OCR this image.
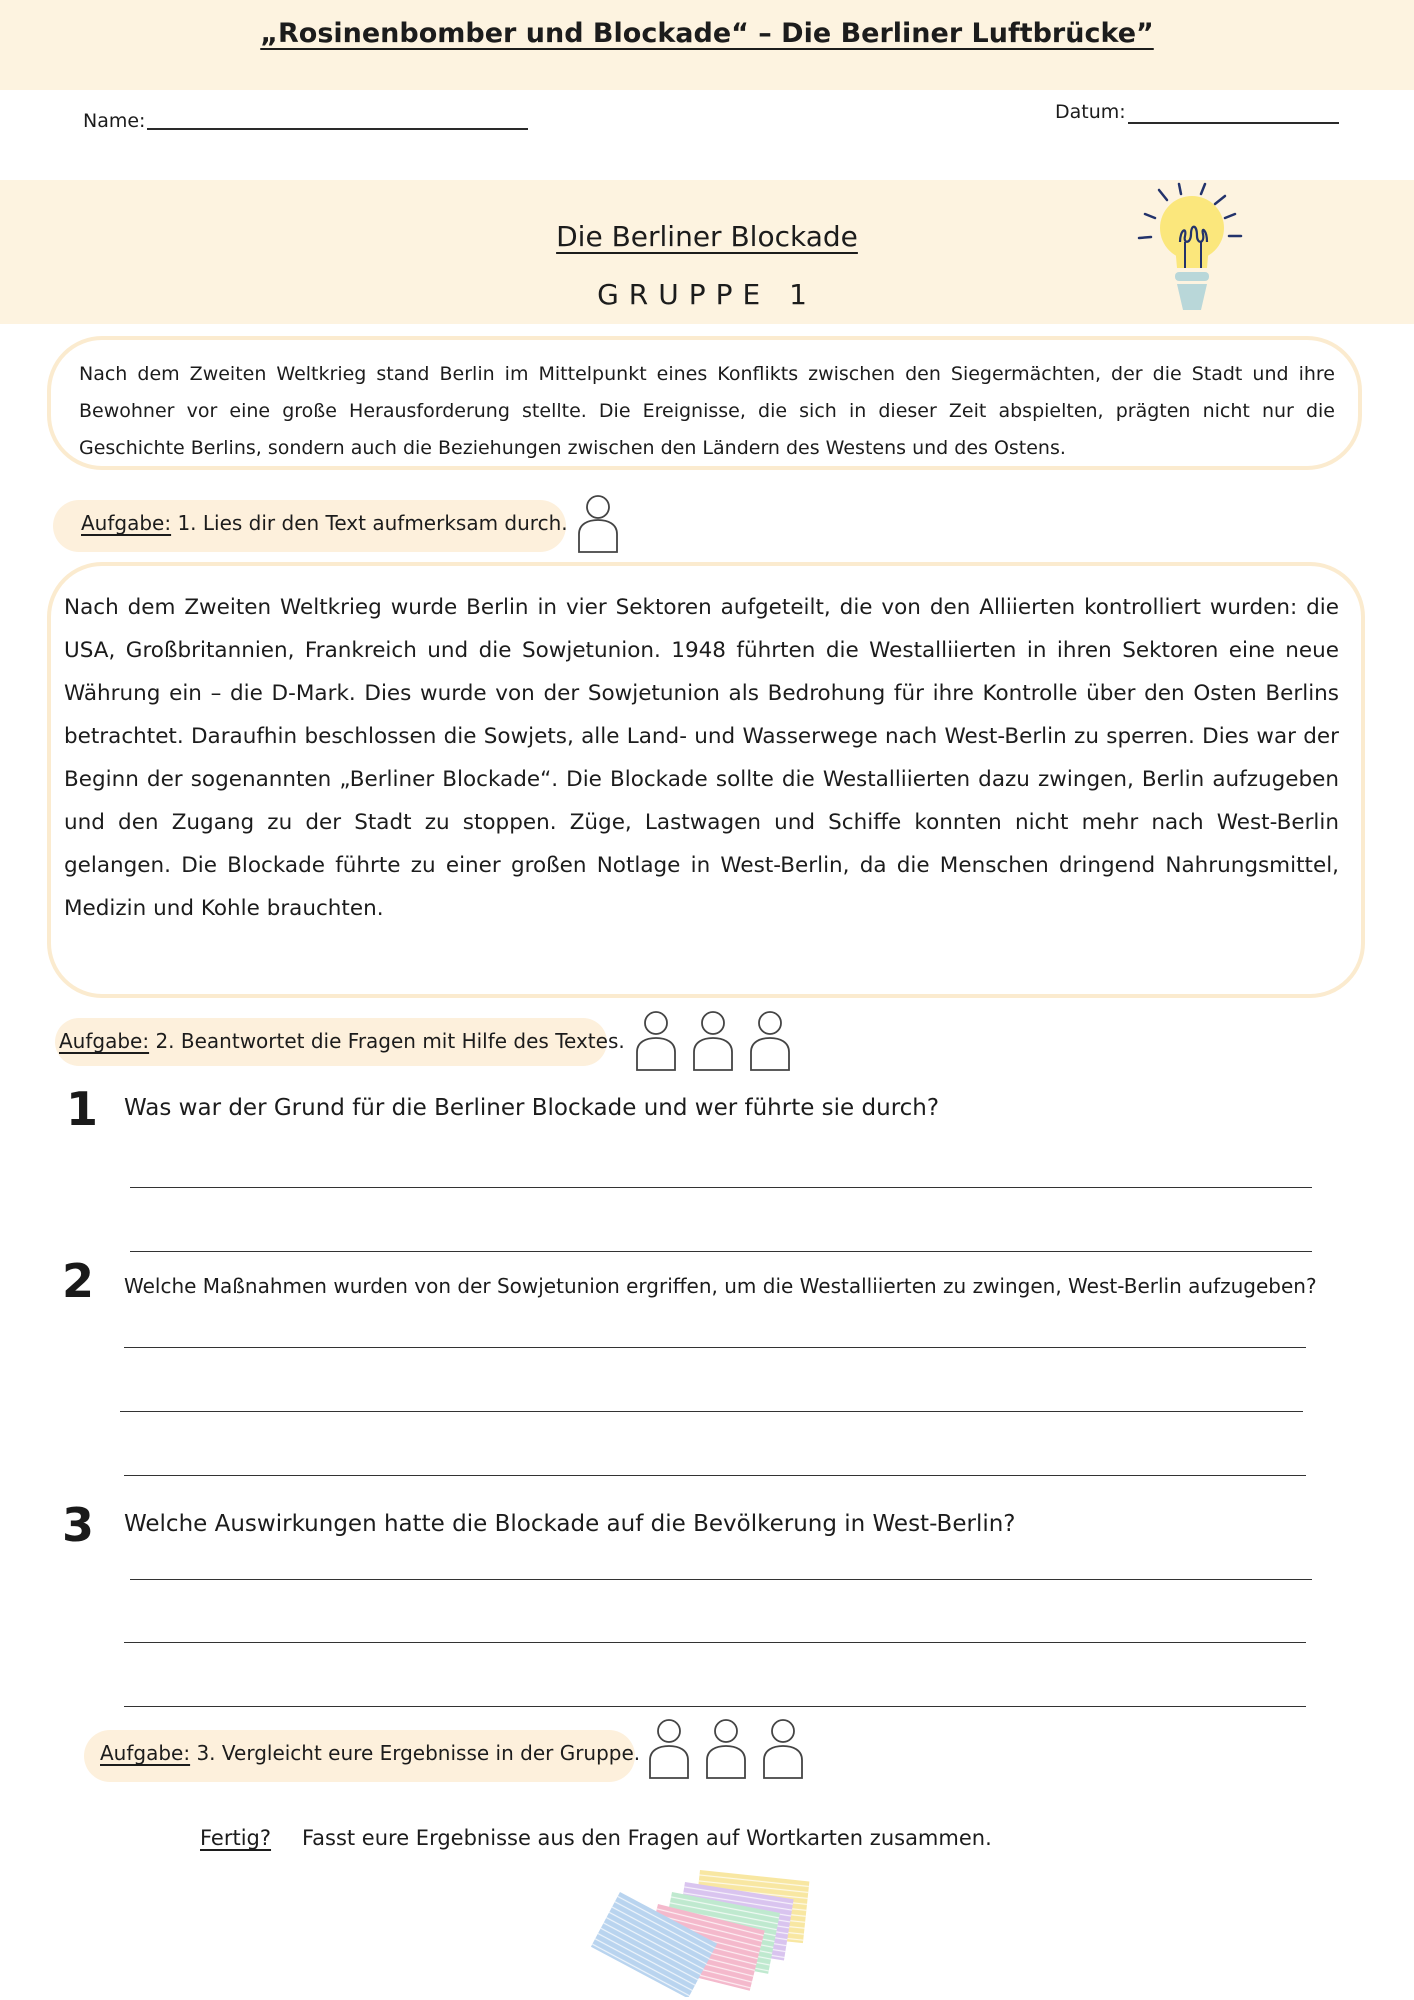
„Rosinenbomber und Blockade“ – Die Berliner Luftbrücke”
Name:	Datum:
Die Berliner Blockade
GRUPPE 1
Nach dem Zweiten Weltkrieg stand Berlin im Mittelpunkt eines Konflikts zwischen den Siegermächten, der die Stadt und ihre Bewohner vor eine große Herausforderung stellte. Die Ereignisse, die sich in dieser Zeit abspielten, prägten nicht nur die Geschichte Berlins, sondern auch die Beziehungen zwischen den Ländern des Westens und des Ostens.
Aufgabe: 1. Lies dir den Text aufmerksam durch.
Nach dem Zweiten Weltkrieg wurde Berlin in vier Sektoren aufgeteilt, die von den Alliierten kontrolliert wurden: die USA, Großbritannien, Frankreich und die Sowjetunion. 1948 führten die Westalliierten in ihren Sektoren eine neue Währung ein – die D-Mark. Dies wurde von der Sowjetunion als Bedrohung für ihre Kontrolle über den Osten Berlins betrachtet. Daraufhin beschlossen die Sowjets, alle Land- und Wasserwege nach West-Berlin zu sperren. Dies war der Beginn der sogenannten „Berliner Blockade“. Die Blockade sollte die Westalliierten dazu zwingen, Berlin aufzugeben und den Zugang zu der Stadt zu stoppen. Züge, Lastwagen und Schiffe konnten nicht mehr nach West-Berlin gelangen. Die Blockade führte zu einer großen Notlage in West-Berlin, da die Menschen dringend Nahrungsmittel, Medizin und Kohle brauchten.
Aufgabe: 2. Beantwortet die Fragen mit Hilfe des Textes.
1 Was war der Grund für die Berliner Blockade und wer führte sie durch?
2 Welche Maßnahmen wurden von der Sowjetunion ergriffen, um die Westalliierten zu zwingen, West-Berlin aufzugeben?
3 Welche Auswirkungen hatte die Blockade auf die Bevölkerung in West-Berlin?
Aufgabe: 3. Vergleicht eure Ergebnisse in der Gruppe.
Fertig? Fasst eure Ergebnisse aus den Fragen auf Wortkarten zusammen.
